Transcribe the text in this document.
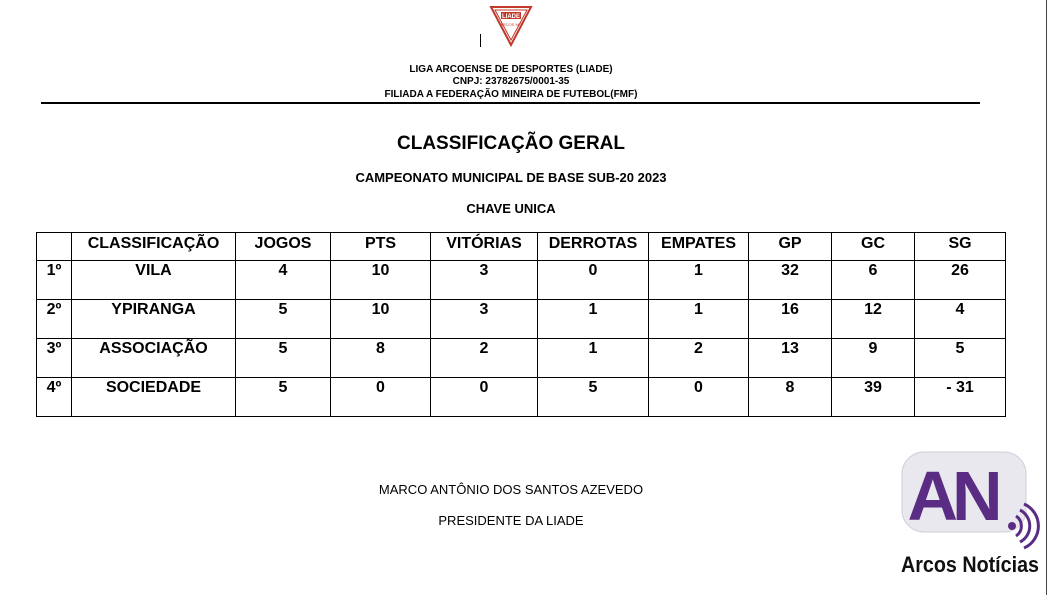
LIADE
ARCOS MG
LIGA ARCOENSE DE DESPORTES (LIADE)
CNPJ: 23782675/0001-35
FILIADA A FEDERAÇÃO MINEIRA DE FUTEBOL(FMF)
CLASSIFICAÇÃO GERAL
CAMPEONATO MUNICIPAL DE BASE SUB-20 2023
CHAVE UNICA
	CLASSIFICAÇÃO	JOGOS	PTS	VITÓRIAS	DERROTAS	EMPATES	GP	GC	SG
1º	VILA	4	10	3	0	1	32	6	26
2º	YPIRANGA	5	10	3	1	1	16	12	4
3º	ASSOCIAÇÃO	5	8	2	1	2	13	9	5
4º	SOCIEDADE	5	0	0	5	0	8	39	- 31
MARCO ANTÔNIO DOS SANTOS AZEVEDO
PRESIDENTE DA LIADE	AN
Arcos Notícias
